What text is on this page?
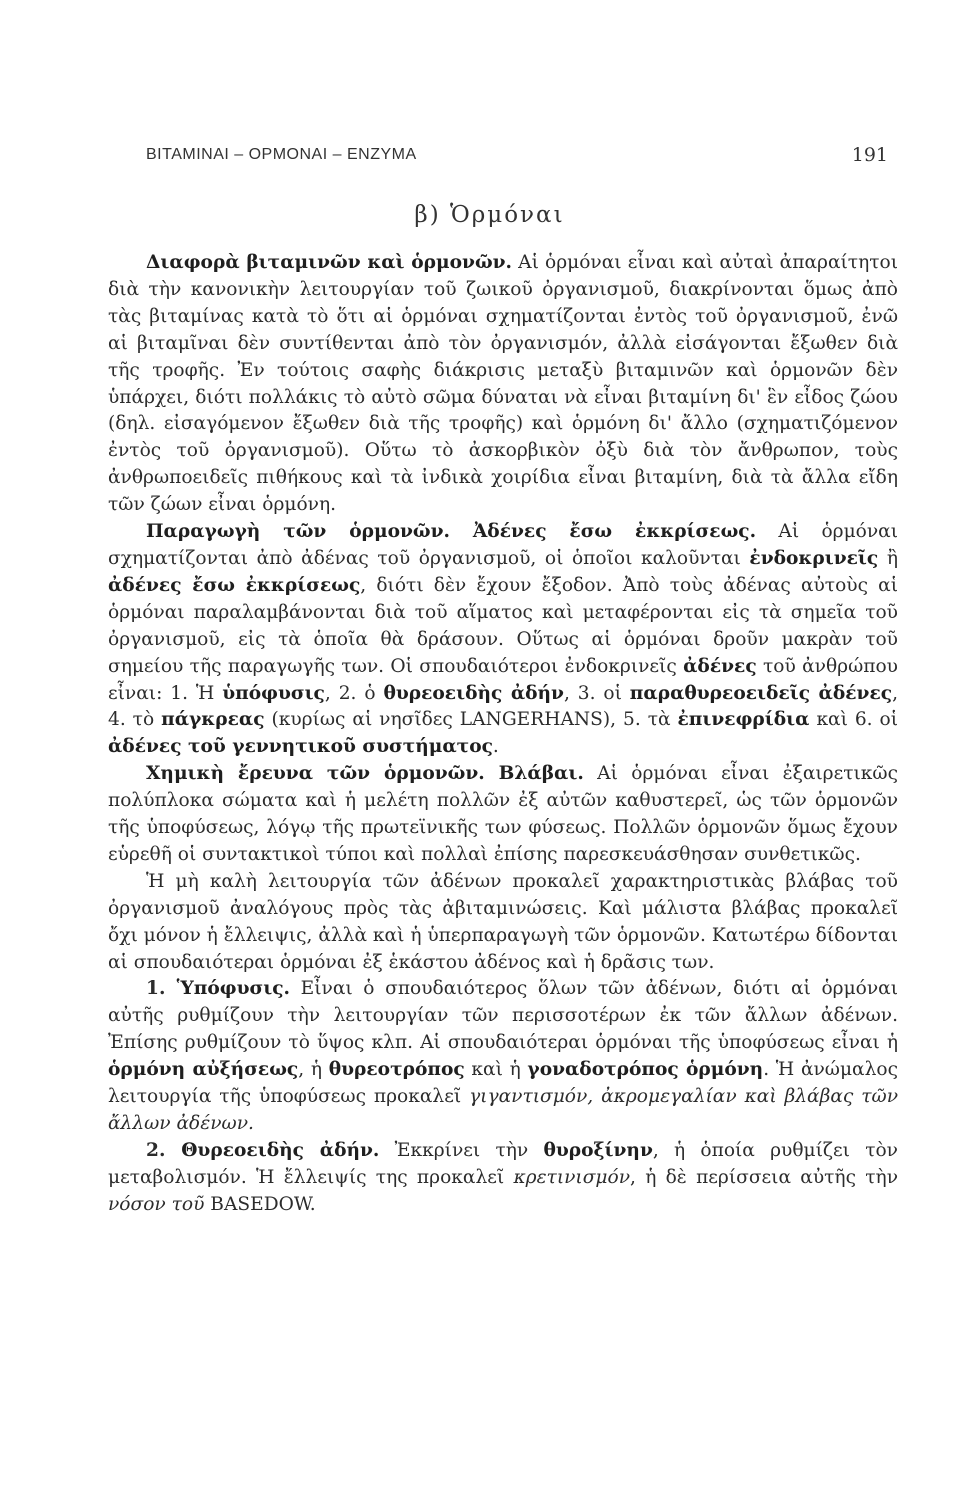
ΒΙΤΑΜΙΝΑΙ – ΟΡΜΟΝΑΙ – ΕΝΖΥΜΑ	191
β) Ὁρμόναι

Διαφορὰ βιταμινῶν καὶ ὁρμονῶν. Αἱ ὁρμόναι εἶναι καὶ αὐταὶ ἀπαραίτητοι διὰ τὴν κανονικὴν λειτουργίαν τοῦ ζωικοῦ ὀργανισμοῦ, διακρίνονται ὅμως ἀπὸ τὰς βιταμίνας κατὰ τὸ ὅτι αἱ ὁρμόναι σχηματίζονται ἐντὸς τοῦ ὀργανισμοῦ, ἐνῶ αἱ βιταμῖναι δὲν συντίθενται ἀπὸ τὸν ὀργανισμόν, ἀλλὰ εἰσάγονται ἔξωθεν διὰ τῆς τροφῆς. Ἐν τούτοις σαφὴς διάκρισις μεταξὺ βιταμινῶν καὶ ὁρμονῶν δὲν ὑπάρχει, διότι πολλάκις τὸ αὐτὸ σῶμα δύναται νὰ εἶναι βιταμίνη δι' ἓν εἶδος ζώου (δηλ. εἰσαγόμενον ἔξωθεν διὰ τῆς τροφῆς) καὶ ὁρμόνη δι' ἄλλο (σχηματιζόμενον ἐντὸς τοῦ ὀργανισμοῦ). Οὕτω τὸ ἀσκορβικὸν ὀξὺ διὰ τὸν ἄνθρωπον, τοὺς ἀνθρωποειδεῖς πιθήκους καὶ τὰ ἰνδικὰ χοιρίδια εἶναι βιταμίνη, διὰ τὰ ἄλλα εἴδη τῶν ζώων εἶναι ὁρμόνη.

Παραγωγὴ τῶν ὁρμονῶν. Ἀδένες ἔσω ἐκκρίσεως. Αἱ ὁρμόναι σχηματίζονται ἀπὸ ἀδένας τοῦ ὀργανισμοῦ, οἱ ὁποῖοι καλοῦνται ἐνδοκρινεῖς ἢ ἀδένες ἔσω ἐκκρίσεως, διότι δὲν ἔχουν ἔξοδον. Ἀπὸ τοὺς ἀδένας αὐτοὺς αἱ ὁρμόναι παραλαμβάνονται διὰ τοῦ αἵματος καὶ μεταφέρονται εἰς τὰ σημεῖα τοῦ ὀργανισμοῦ, εἰς τὰ ὁποῖα θὰ δράσουν. Οὕτως αἱ ὁρμόναι δροῦν μακρὰν τοῦ σημείου τῆς παραγωγῆς των. Οἱ σπουδαιότεροι ἐνδοκρινεῖς ἀδένες τοῦ ἀνθρώπου εἶναι: 1. Ἡ ὑπόφυσις, 2. ὁ θυρεοειδὴς ἀδήν, 3. οἱ παραθυρεοειδεῖς ἀδένες, 4. τὸ πάγκρεας (κυρίως αἱ νησῖδες LANGERHANS), 5. τὰ ἐπινεφρίδια καὶ 6. οἱ ἀδένες τοῦ γεννητικοῦ συστήματος.

Χημικὴ ἔρευνα τῶν ὁρμονῶν. Βλάβαι. Αἱ ὁρμόναι εἶναι ἐξαιρετικῶς πολύπλοκα σώματα καὶ ἡ μελέτη πολλῶν ἐξ αὐτῶν καθυστερεῖ, ὡς τῶν ὁρμονῶν τῆς ὑποφύσεως, λόγῳ τῆς πρωτεϊνικῆς των φύσεως. Πολλῶν ὁρμονῶν ὅμως ἔχουν εὑρεθῆ οἱ συντακτικοὶ τύποι καὶ πολλαὶ ἐπίσης παρεσκευάσθησαν συνθετικῶς.

Ἡ μὴ καλὴ λειτουργία τῶν ἀδένων προκαλεῖ χαρακτηριστικὰς βλάβας τοῦ ὀργανισμοῦ ἀναλόγους πρὸς τὰς ἀβιταμινώσεις. Καὶ μάλιστα βλάβας προκαλεῖ ὄχι μόνον ἡ ἔλλειψις, ἀλλὰ καὶ ἡ ὑπερπαραγωγὴ τῶν ὁρμονῶν. Κατωτέρω δίδονται αἱ σπουδαιότεραι ὁρμόναι ἐξ ἑκάστου ἀδένος καὶ ἡ δρᾶσις των.

1. Ὑπόφυσις. Εἶναι ὁ σπουδαιότερος ὅλων τῶν ἀδένων, διότι αἱ ὁρμόναι αὐτῆς ρυθμίζουν τὴν λειτουργίαν τῶν περισσοτέρων ἐκ τῶν ἄλλων ἀδένων. Ἐπίσης ρυθμίζουν τὸ ὕψος κλπ. Αἱ σπουδαιότεραι ὁρμόναι τῆς ὑποφύσεως εἶναι ἡ ὁρμόνη αὐξήσεως, ἡ θυρεοτρόπος καὶ ἡ γοναδοτρόπος ὁρμόνη. Ἡ ἀνώμαλος λειτουργία τῆς ὑποφύσεως προκαλεῖ γιγαντισμόν, ἀκρομεγαλίαν καὶ βλάβας τῶν ἄλλων ἀδένων.

2. Θυρεοειδὴς ἀδήν. Ἐκκρίνει τὴν θυροξίνην, ἡ ὁποία ρυθμίζει τὸν μεταβολισμόν. Ἡ ἔλλειψίς της προκαλεῖ κρετινισμόν, ἡ δὲ περίσσεια αὐτῆς τὴν νόσον τοῦ BASEDOW.
